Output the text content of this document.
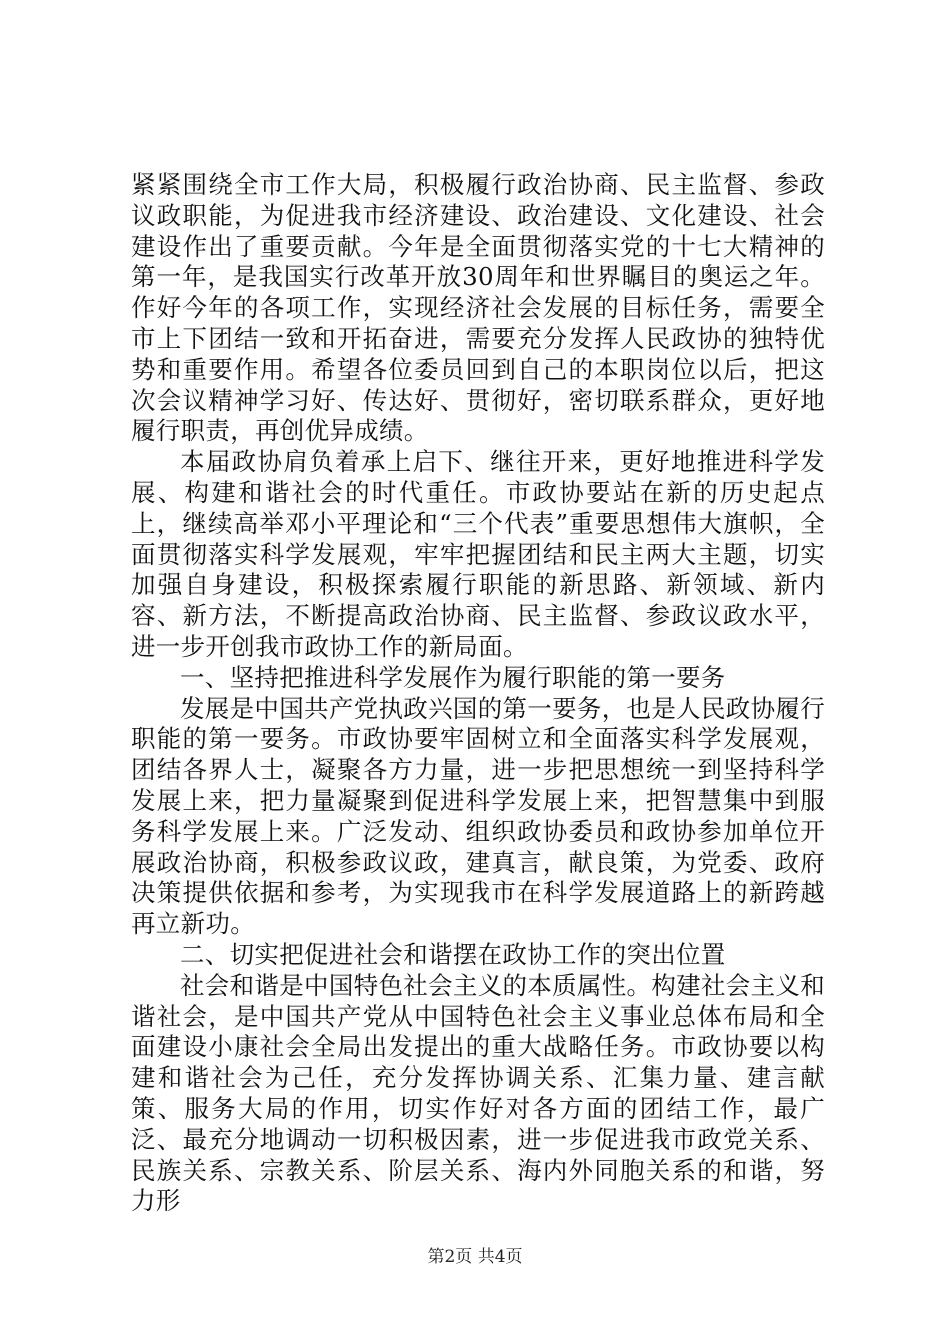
紧紧围绕全市工作大局，积极履行政治协商、民主监督、参政议政职能，为促进我市经济建设、政治建设、文化建设、社会建设作出了重要贡献。今年是全面贯彻落实党的十七大精神的第一年，是我国实行改革开放30周年和世界瞩目的奥运之年。作好今年的各项工作，实现经济社会发展的目标任务，需要全市上下团结一致和开拓奋进，需要充分发挥人民政协的独特优势和重要作用。希望各位委员回到自己的本职岗位以后，把这次会议精神学习好、传达好、贯彻好，密切联系群众，更好地履行职责，再创优异成绩。

本届政协肩负着承上启下、继往开来，更好地推进科学发展、构建和谐社会的时代重任。市政协要站在新的历史起点上，继续高举邓小平理论和“三个代表”重要思想伟大旗帜，全面贯彻落实科学发展观，牢牢把握团结和民主两大主题，切实加强自身建设，积极探索履行职能的新思路、新领域、新内容、新方法，不断提高政治协商、民主监督、参政议政水平，进一步开创我市政协工作的新局面。

一、坚持把推进科学发展作为履行职能的第一要务

发展是中国共产党执政兴国的第一要务，也是人民政协履行职能的第一要务。市政协要牢固树立和全面落实科学发展观，团结各界人士，凝聚各方力量，进一步把思想统一到坚持科学发展上来，把力量凝聚到促进科学发展上来，把智慧集中到服务科学发展上来。广泛发动、组织政协委员和政协参加单位开展政治协商，积极参政议政，建真言，献良策，为党委、政府决策提供依据和参考，为实现我市在科学发展道路上的新跨越再立新功。

二、切实把促进社会和谐摆在政协工作的突出位置

社会和谐是中国特色社会主义的本质属性。构建社会主义和谐社会，是中国共产党从中国特色社会主义事业总体布局和全面建设小康社会全局出发提出的重大战略任务。市政协要以构建和谐社会为己任，充分发挥协调关系、汇集力量、建言献策、服务大局的作用，切实作好对各方面的团结工作，最广泛、最充分地调动一切积极因素，进一步促进我市政党关系、民族关系、宗教关系、阶层关系、海内外同胞关系的和谐，努力形

第2页 共4页
